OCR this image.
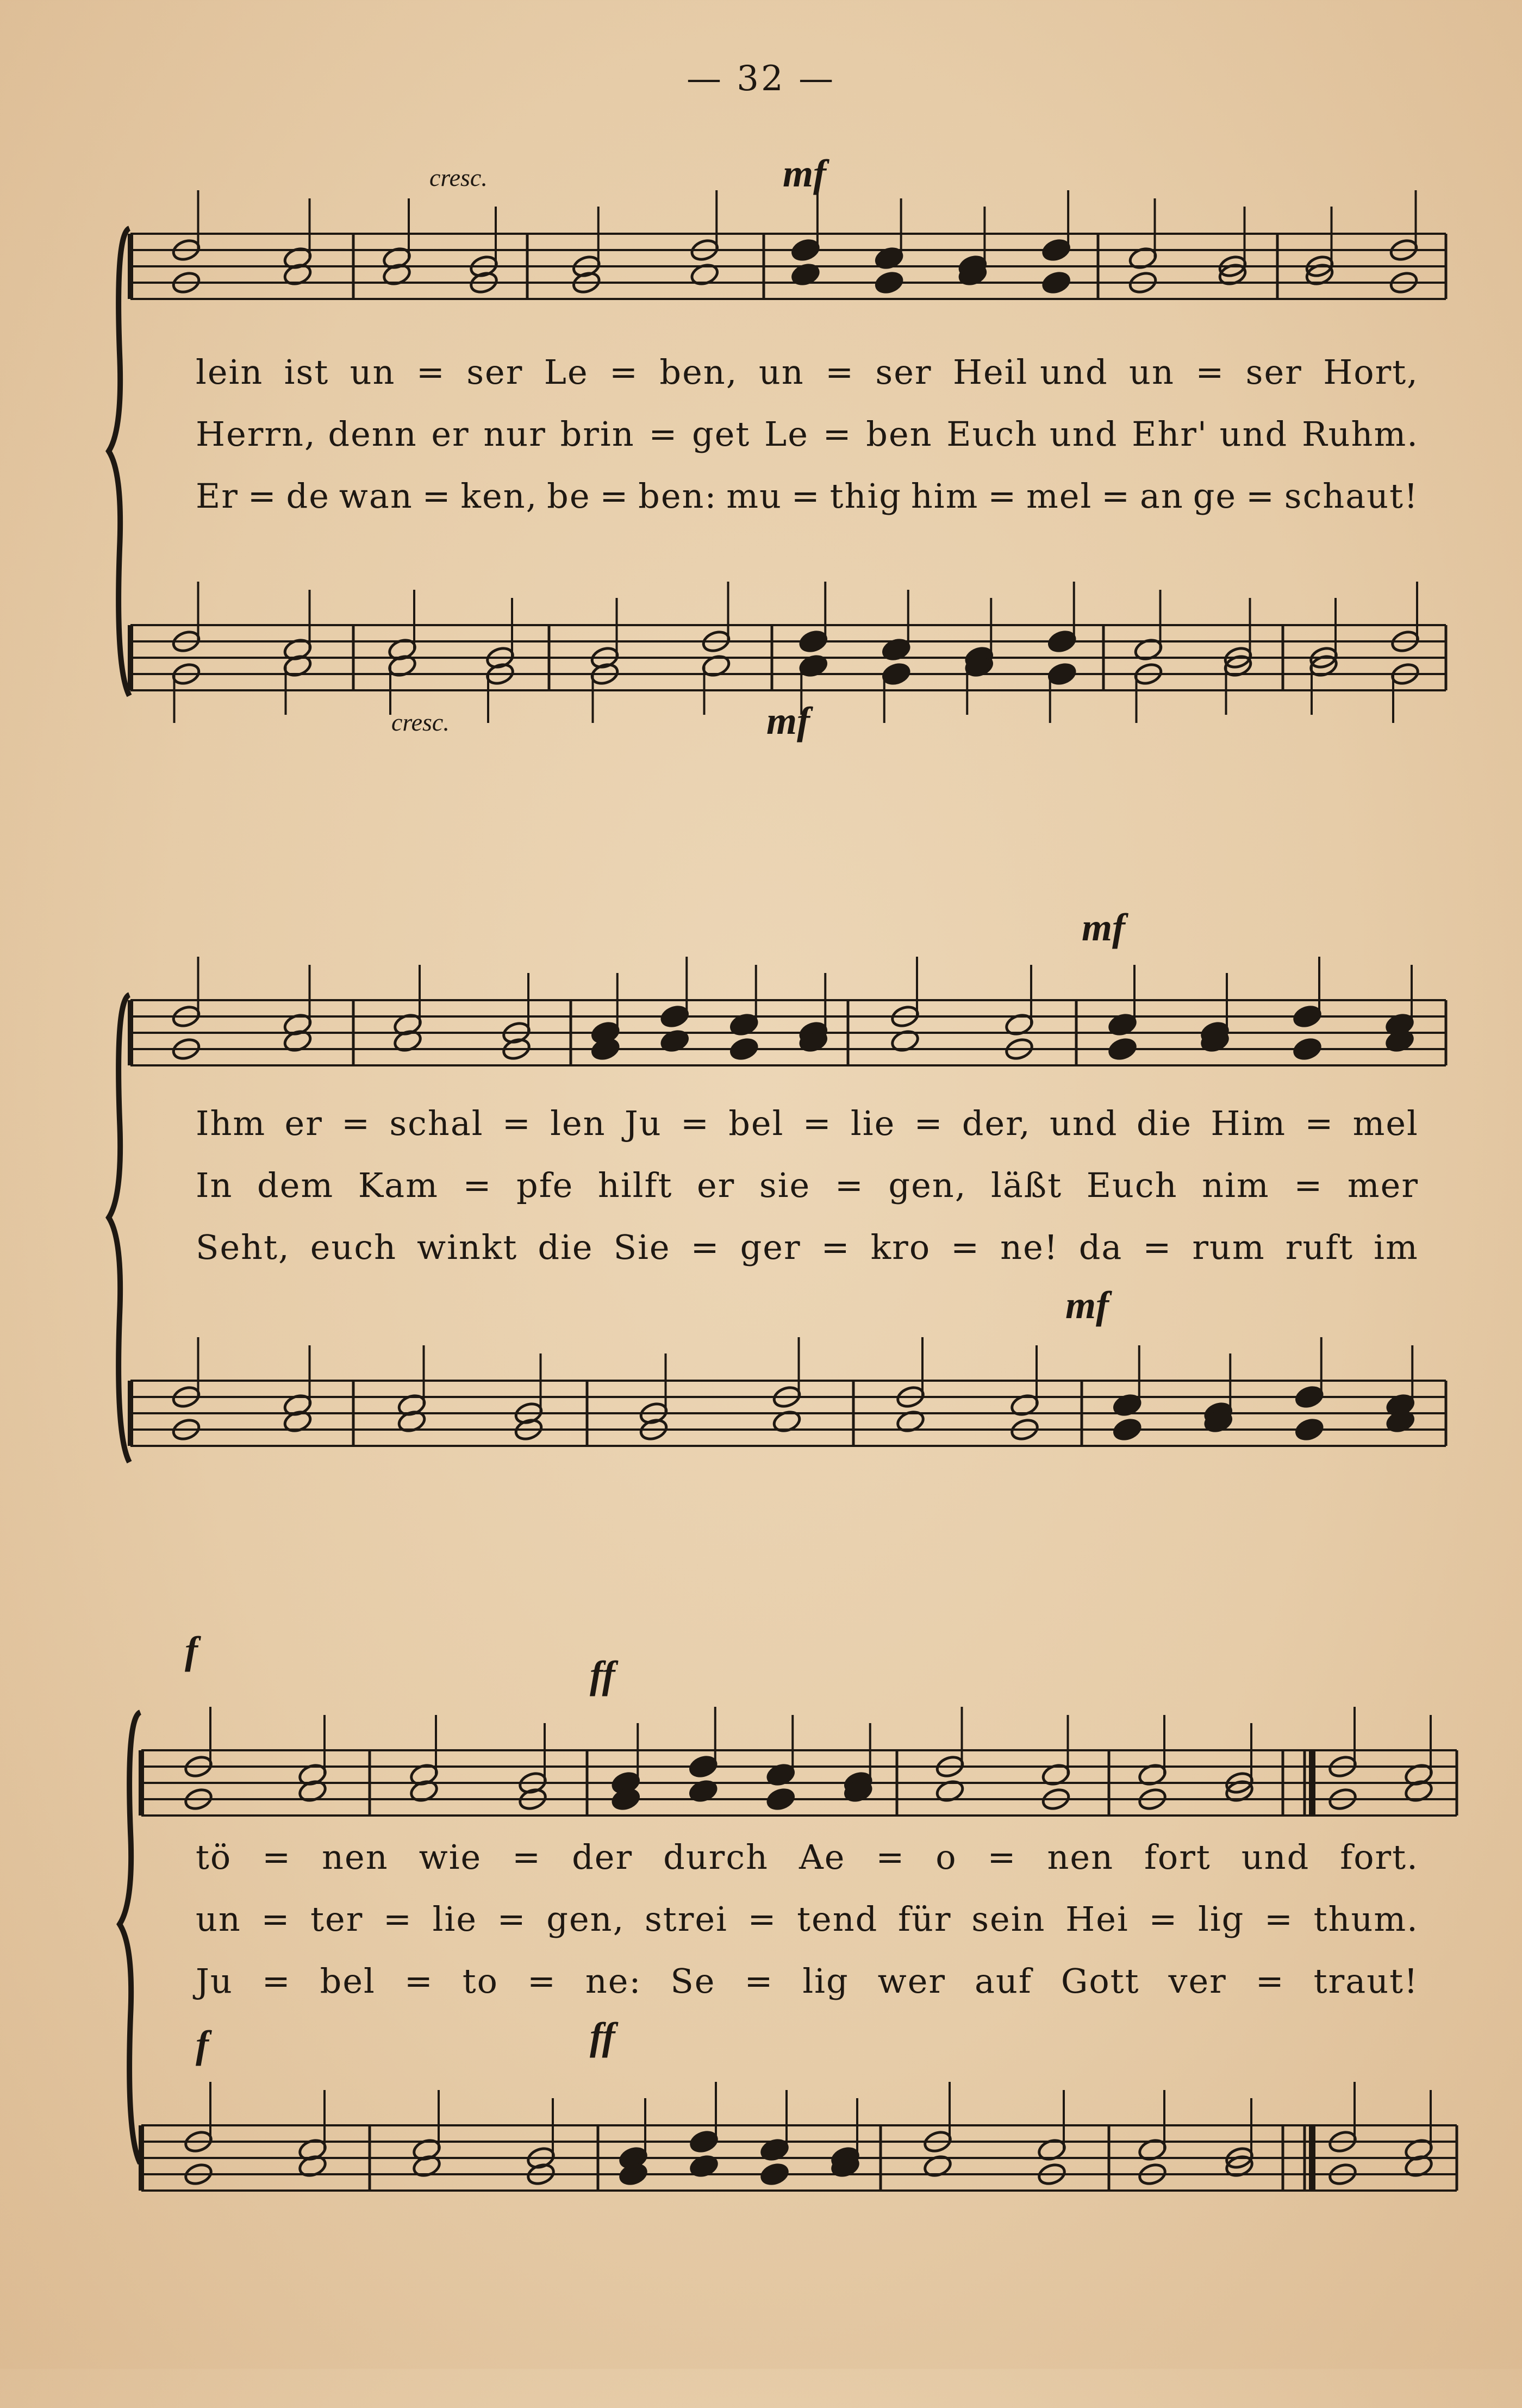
— 32 —
cresc.	mf
lein ist un = ser Le = ben, un = ser Heil und un = ser Hort,
Herrn, denn er nur brin = get Le = ben Euch und Ehr' und Ruhm.
Er = de wan = ken, be = ben: mu = thig him = mel = an ge = schaut!
cresc.	mf
mf
Ihm er = schal = len Ju = bel = lie = der, und die Him = mel
In dem Kam = pfe hilft er sie = gen, läßt Euch nim = mer
Seht, euch winkt die Sie = ger = kro = ne! da = rum ruft im
mf
f
ff
tö = nen wie = der durch Ae = o = nen fort und fort.
un = ter = lie = gen, strei = tend für sein Hei = lig = thum.
Ju = bel = to = ne: Se = lig wer auf Gott ver = traut!
f	ff
